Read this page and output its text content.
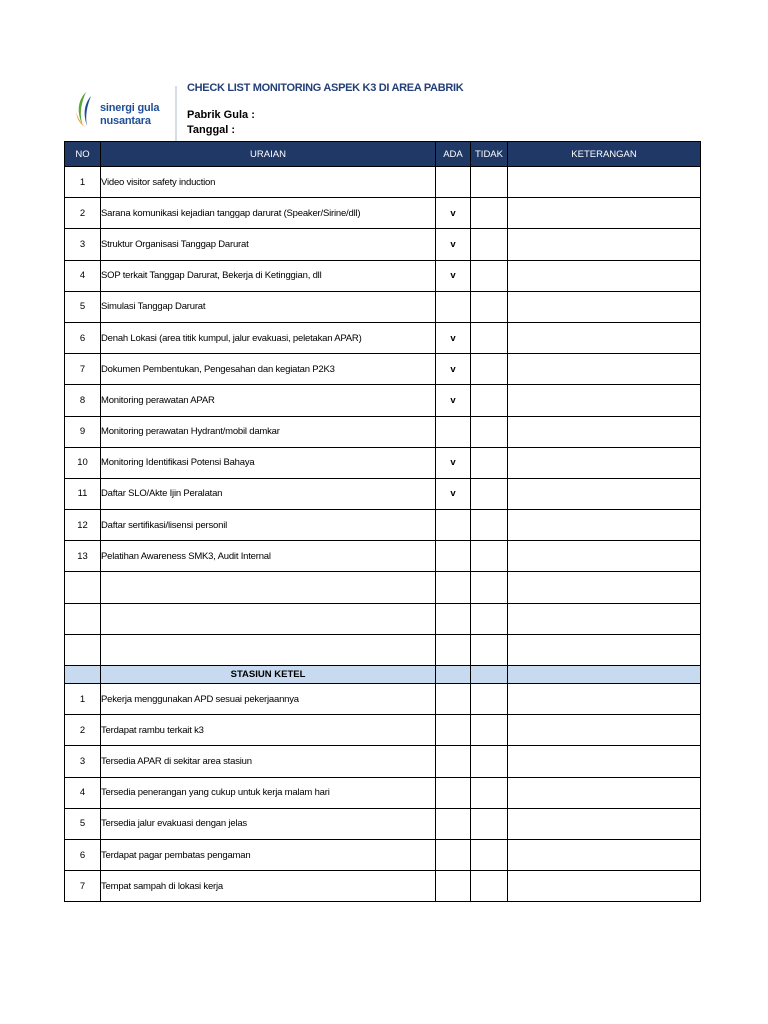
sinergi gula
nusantara
CHECK LIST MONITORING ASPEK K3 DI AREA PABRIK
Pabrik Gula :
Tanggal :
NO	URAIAN	ADA	TIDAK	KETERANGAN
1	Video visitor safety induction			
2	Sarana komunikasi kejadian tanggap darurat (Speaker/Sirine/dll)	v		
3	Struktur Organisasi Tanggap Darurat	v		
4	SOP terkait Tanggap Darurat, Bekerja di Ketinggian, dll	v		
5	Simulasi Tanggap Darurat			
6	Denah Lokasi (area titik kumpul, jalur evakuasi, peletakan APAR)	v		
7	Dokumen Pembentukan, Pengesahan dan kegiatan P2K3	v		
8	Monitoring perawatan APAR	v		
9	Monitoring perawatan Hydrant/mobil damkar			
10	Monitoring Identifikasi Potensi Bahaya	v		
11	Daftar SLO/Akte Ijin Peralatan	v		
12	Daftar sertifikasi/lisensi personil			
13	Pelatihan Awareness SMK3, Audit Internal			

	STASIUN KETEL			
1	Pekerja menggunakan APD sesuai pekerjaannya			
2	Terdapat rambu terkait k3			
3	Tersedia APAR di sekitar area stasiun			
4	Tersedia penerangan yang cukup untuk kerja malam hari			
5	Tersedia jalur evakuasi dengan jelas			
6	Terdapat pagar pembatas pengaman			
7	Tempat sampah di lokasi kerja			
